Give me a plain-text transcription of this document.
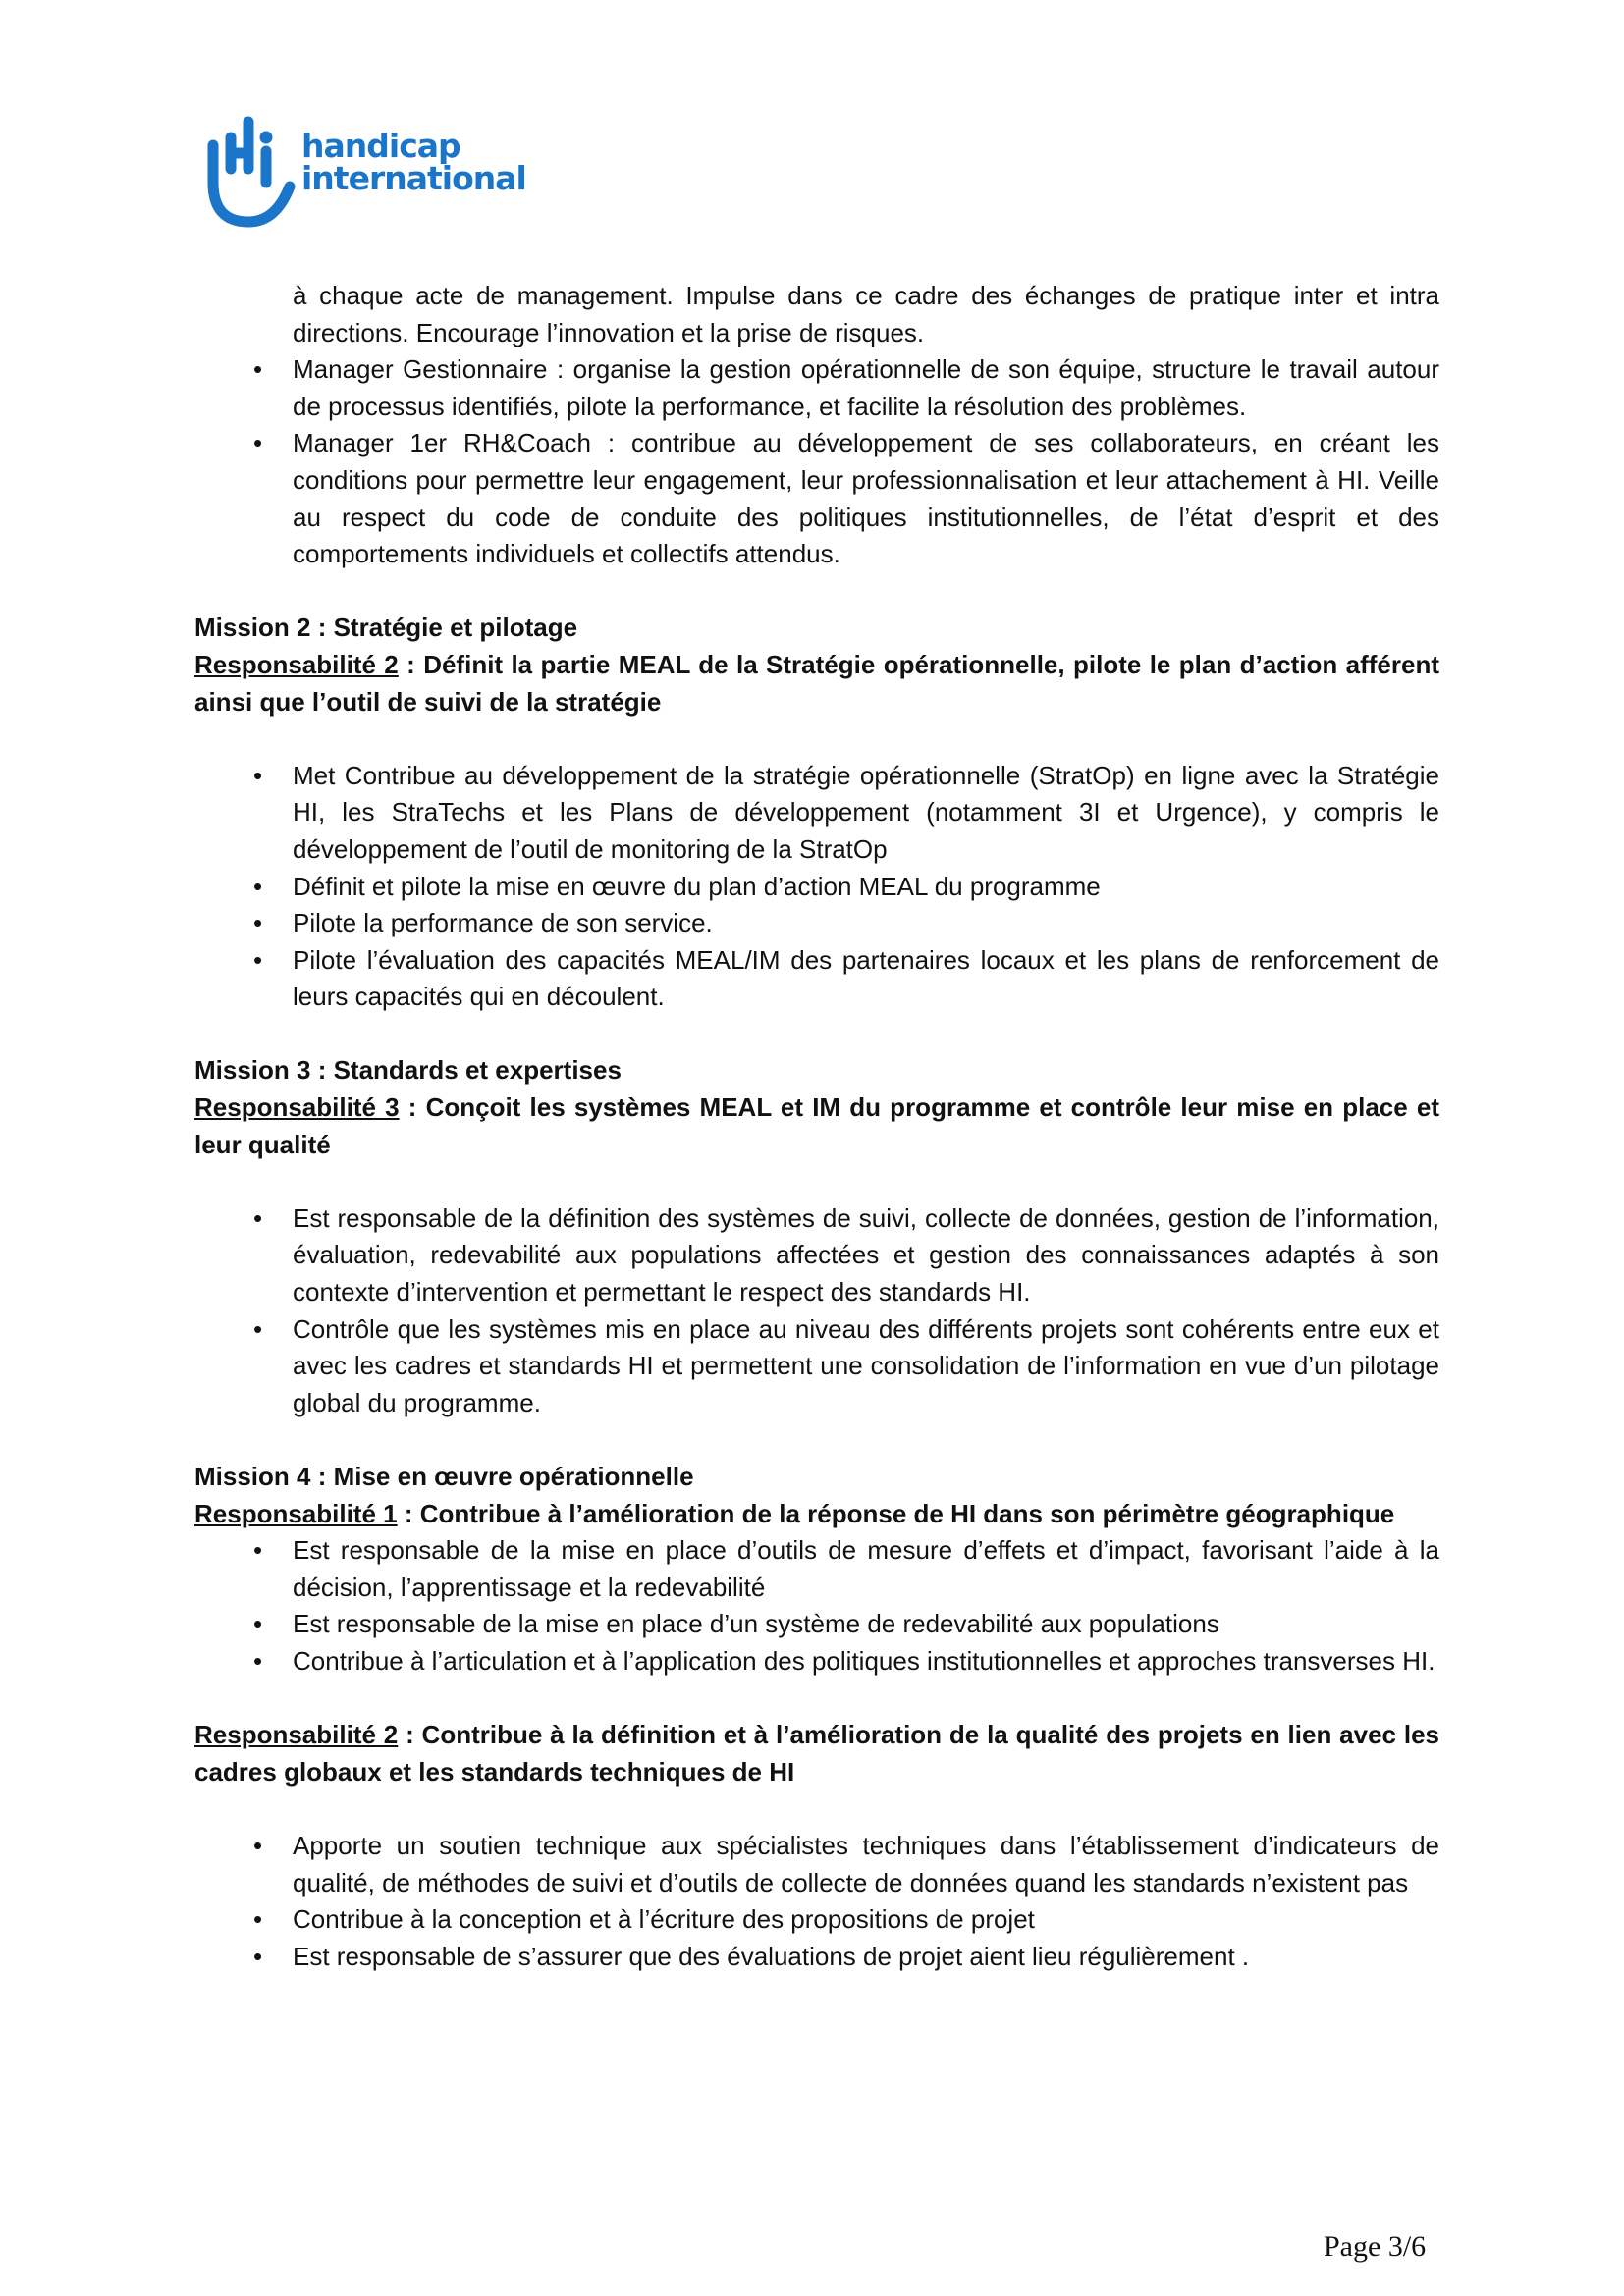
handicap
international

à chaque acte de management. Impulse dans ce cadre des échanges de pratique inter et intra directions. Encourage l’innovation et la prise de risques.

• Manager Gestionnaire : organise la gestion opérationnelle de son équipe, structure le travail autour de processus identifiés, pilote la performance, et facilite la résolution des problèmes.
• Manager 1er RH&Coach : contribue au développement de ses collaborateurs, en créant les conditions pour permettre leur engagement, leur professionnalisation et leur attachement à HI. Veille au respect du code de conduite des politiques institutionnelles, de l’état d’esprit et des comportements individuels et collectifs attendus.

Mission 2 : Stratégie et pilotage

Responsabilité 2 : Définit la partie MEAL de la Stratégie opérationnelle, pilote le plan d’action afférent ainsi que l’outil de suivi de la stratégie

• Met Contribue au développement de la stratégie opérationnelle (StratOp) en ligne avec la Stratégie HI, les StraTechs et les Plans de développement (notamment 3I et Urgence), y compris le développement de l’outil de monitoring de la StratOp
• Définit et pilote la mise en œuvre du plan d’action MEAL du programme
• Pilote la performance de son service.
• Pilote l’évaluation des capacités MEAL/IM des partenaires locaux et les plans de renforcement de leurs capacités qui en découlent.

Mission 3 : Standards et expertises

Responsabilité 3 : Conçoit les systèmes MEAL et IM du programme et contrôle leur mise en place et leur qualité

• Est responsable de la définition des systèmes de suivi, collecte de données, gestion de l’information, évaluation, redevabilité aux populations affectées et gestion des connaissances adaptés à son contexte d’intervention et permettant le respect des standards HI.
• Contrôle que les systèmes mis en place au niveau des différents projets sont cohérents entre eux et avec les cadres et standards HI et permettent une consolidation de l’information en vue d’un pilotage global du programme.

Mission 4 : Mise en œuvre opérationnelle

Responsabilité 1 : Contribue à l’amélioration de la réponse de HI dans son périmètre géographique

• Est responsable de la mise en place d’outils de mesure d’effets et d’impact, favorisant l’aide à la décision, l’apprentissage et la redevabilité
• Est responsable de la mise en place d’un système de redevabilité aux populations
• Contribue à l’articulation et à l’application des politiques institutionnelles et approches transverses HI.

Responsabilité 2 : Contribue à la définition et à l’amélioration de la qualité des projets en lien avec les cadres globaux et les standards techniques de HI

• Apporte un soutien technique aux spécialistes techniques dans l’établissement d’indicateurs de qualité, de méthodes de suivi et d’outils de collecte de données quand les standards n’existent pas
• Contribue à la conception et à l’écriture des propositions de projet
• Est responsable de s’assurer que des évaluations de projet aient lieu régulièrement .
Page 3/6
